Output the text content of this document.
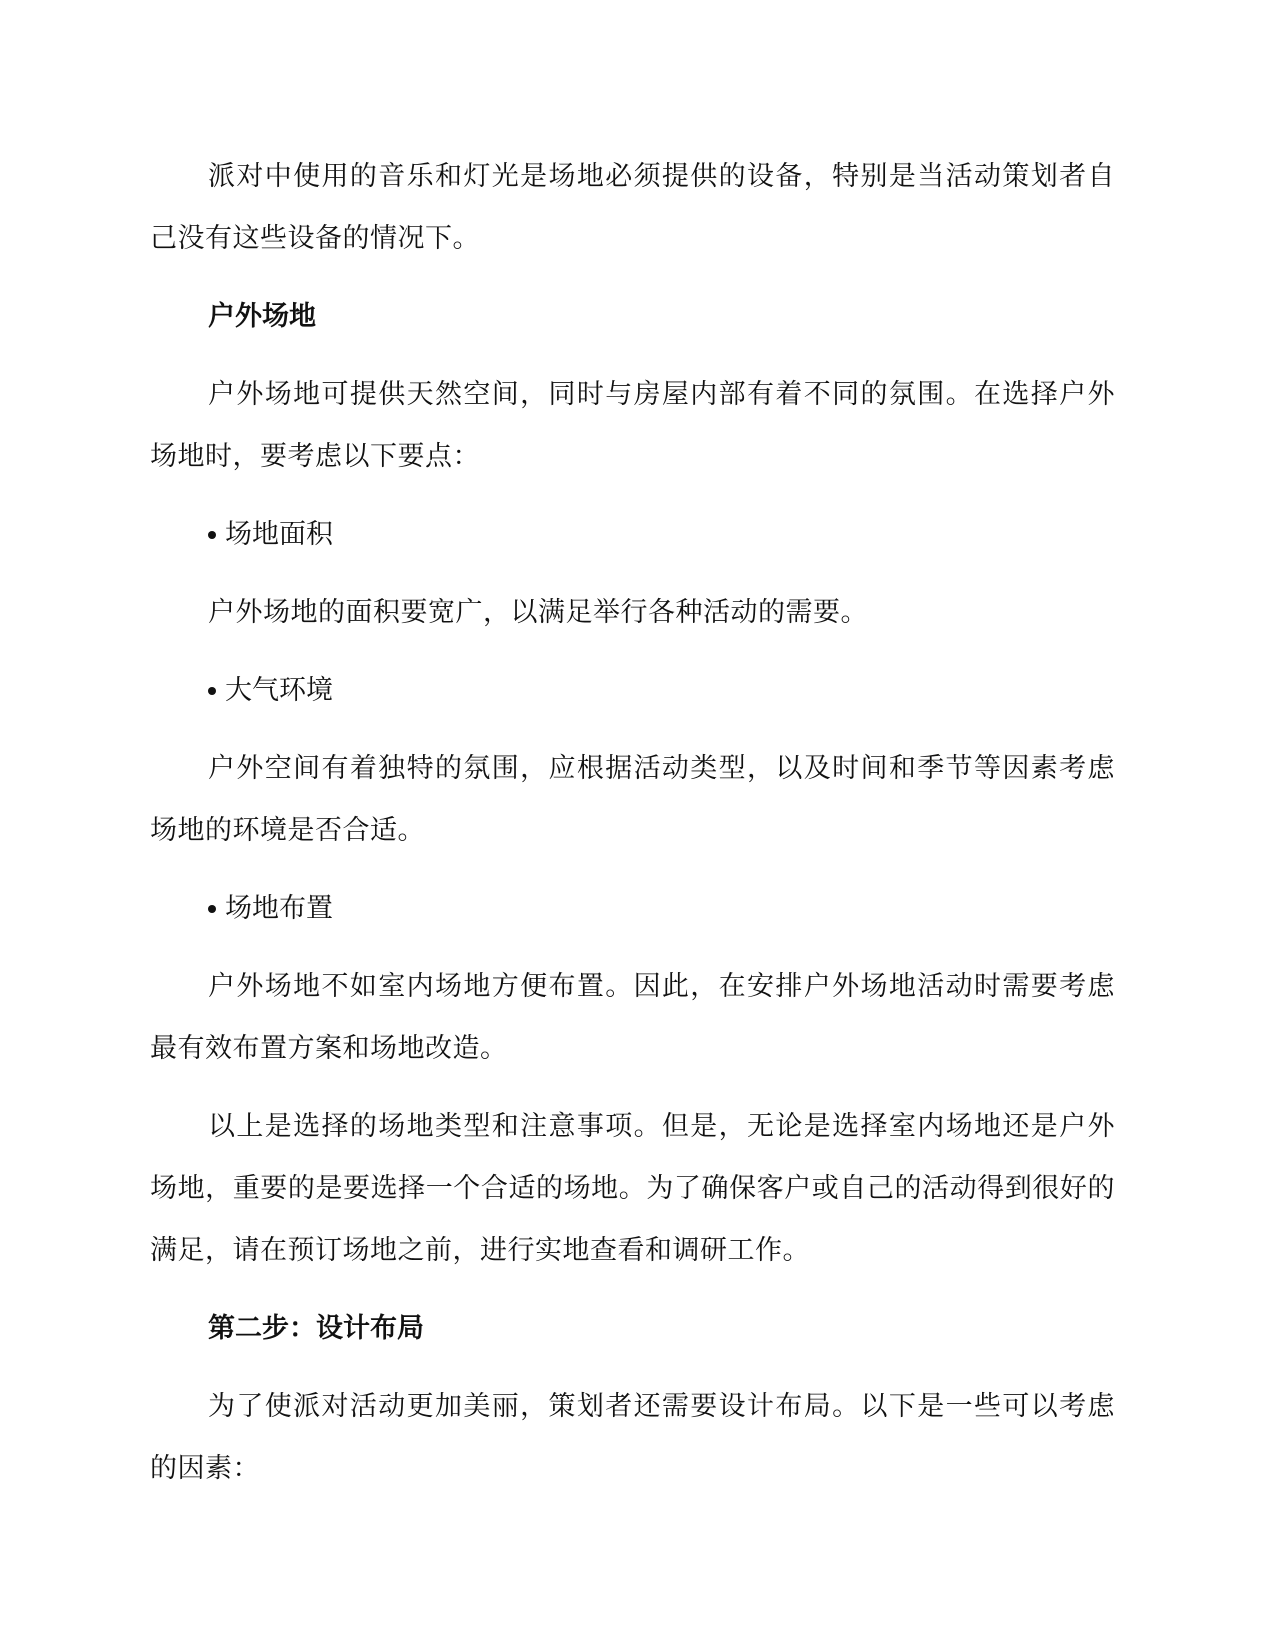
派对中使用的音乐和灯光是场地必须提供的设备，特别是当活动策划者自己没有这些设备的情况下。

户外场地

户外场地可提供天然空间，同时与房屋内部有着不同的氛围。在选择户外场地时，要考虑以下要点：

场地面积

户外场地的面积要宽广，以满足举行各种活动的需要。

大气环境

户外空间有着独特的氛围，应根据活动类型，以及时间和季节等因素考虑场地的环境是否合适。

场地布置

户外场地不如室内场地方便布置。因此，在安排户外场地活动时需要考虑最有效布置方案和场地改造。

以上是选择的场地类型和注意事项。但是，无论是选择室内场地还是户外场地，重要的是要选择一个合适的场地。为了确保客户或自己的活动得到很好的满足，请在预订场地之前，进行实地查看和调研工作。

第二步：设计布局

为了使派对活动更加美丽，策划者还需要设计布局。以下是一些可以考虑的因素：
